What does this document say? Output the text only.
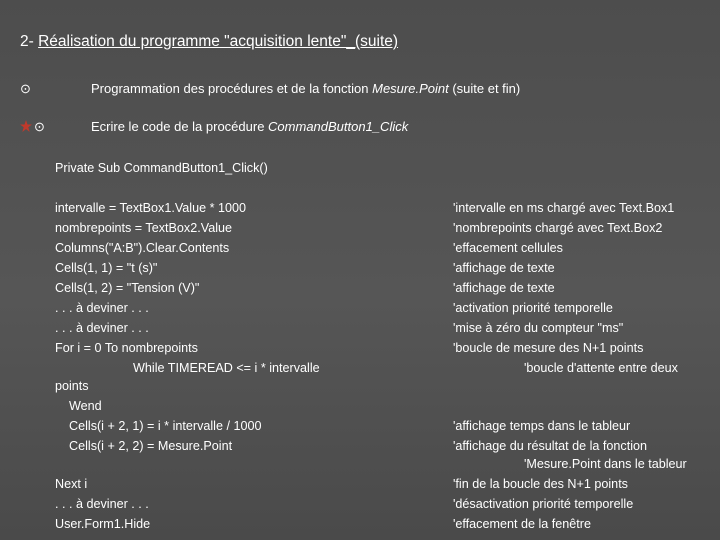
2- Réalisation du programme "acquisition lente"_(suite)
⊙	Programmation des procédures et de la fonction Mesure.Point (suite et fin)
⊙	Ecrire le code de la procédure CommandButton1_Click
Private Sub CommandButton1_Click()
intervalle = TextBox1.Value * 1000
nombrepoints = TextBox2.Value
Columns("A:B").Clear.Contents
Cells(1, 1) = "t (s)"
Cells(1, 2) = "Tension (V)"
. . . à deviner . . .
. . . à deviner . . .
For i = 0 To nombrepoints
While TIMEREAD <= i * intervalle
points
Wend
Cells(i + 2, 1) = i * intervalle / 1000
Cells(i + 2, 2) = Mesure.Point
Next i
. . . à deviner . . .
User.Form1.Hide
'intervalle en ms chargé avec Text.Box1
'nombrepoints chargé avec Text.Box2
'effacement cellules
'affichage de texte
'affichage de texte
'activation priorité temporelle
'mise à zéro du compteur "ms"
'boucle de mesure des N+1 points
'boucle d'attente entre deux
'affichage temps dans le tableur
'affichage du résultat de la fonction
'Mesure.Point dans le tableur
'fin de la boucle des N+1 points
'désactivation priorité temporelle
'effacement de la fenêtre
